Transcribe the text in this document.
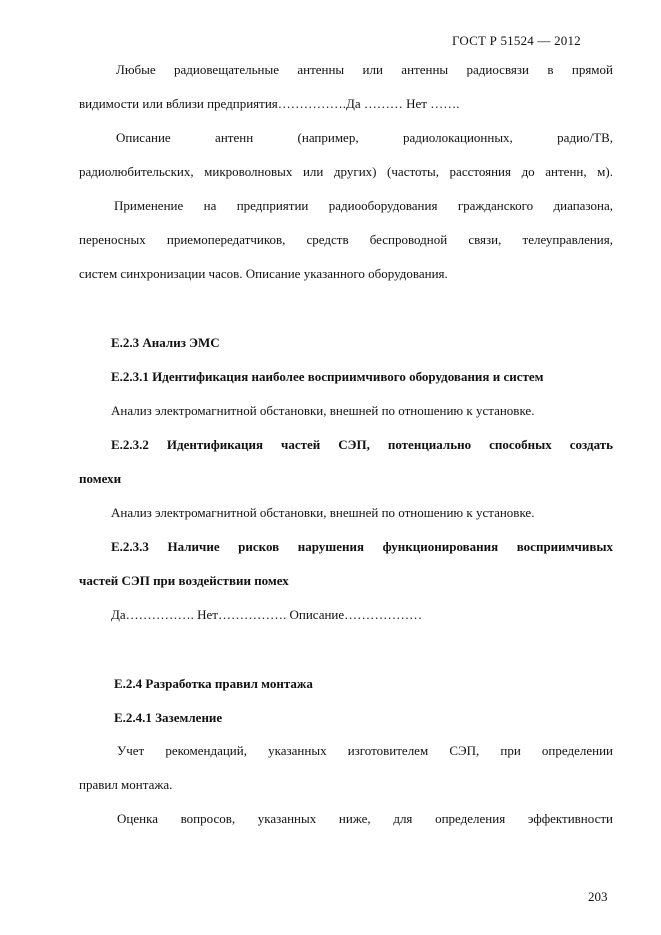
ГОСТ Р 51524 — 2012

Любые радиовещательные антенны или антенны радиосвязи в прямой

видимости или вблизи предприятия…………….Да ……… Нет …….

Описание антенн (например, радиолокационных, радио/ТВ,

радиолюбительских, микроволновых или других) (частоты, расстояния до антенн, м).

Применение на предприятии радиооборудования гражданского диапазона,

переносных приемопередатчиков, средств беспроводной связи, телеуправления,

систем синхронизации часов. Описание указанного оборудования.

Е.2.3 Анализ ЭМС

Е.2.3.1 Идентификация наиболее восприимчивого оборудования и систем

Анализ электромагнитной обстановки, внешней по отношению к установке.

Е.2.3.2 Идентификация частей СЭП, потенциально способных создать

помехи

Анализ электромагнитной обстановки, внешней по отношению к установке.

Е.2.3.3 Наличие рисков нарушения функционирования восприимчивых

частей СЭП при воздействии помех

Да……………. Нет……………. Описание………………

Е.2.4 Разработка правил монтажа

Е.2.4.1 Заземление

Учет рекомендаций, указанных изготовителем СЭП, при определении

правил монтажа.

Оценка вопросов, указанных ниже, для определения эффективности

203
